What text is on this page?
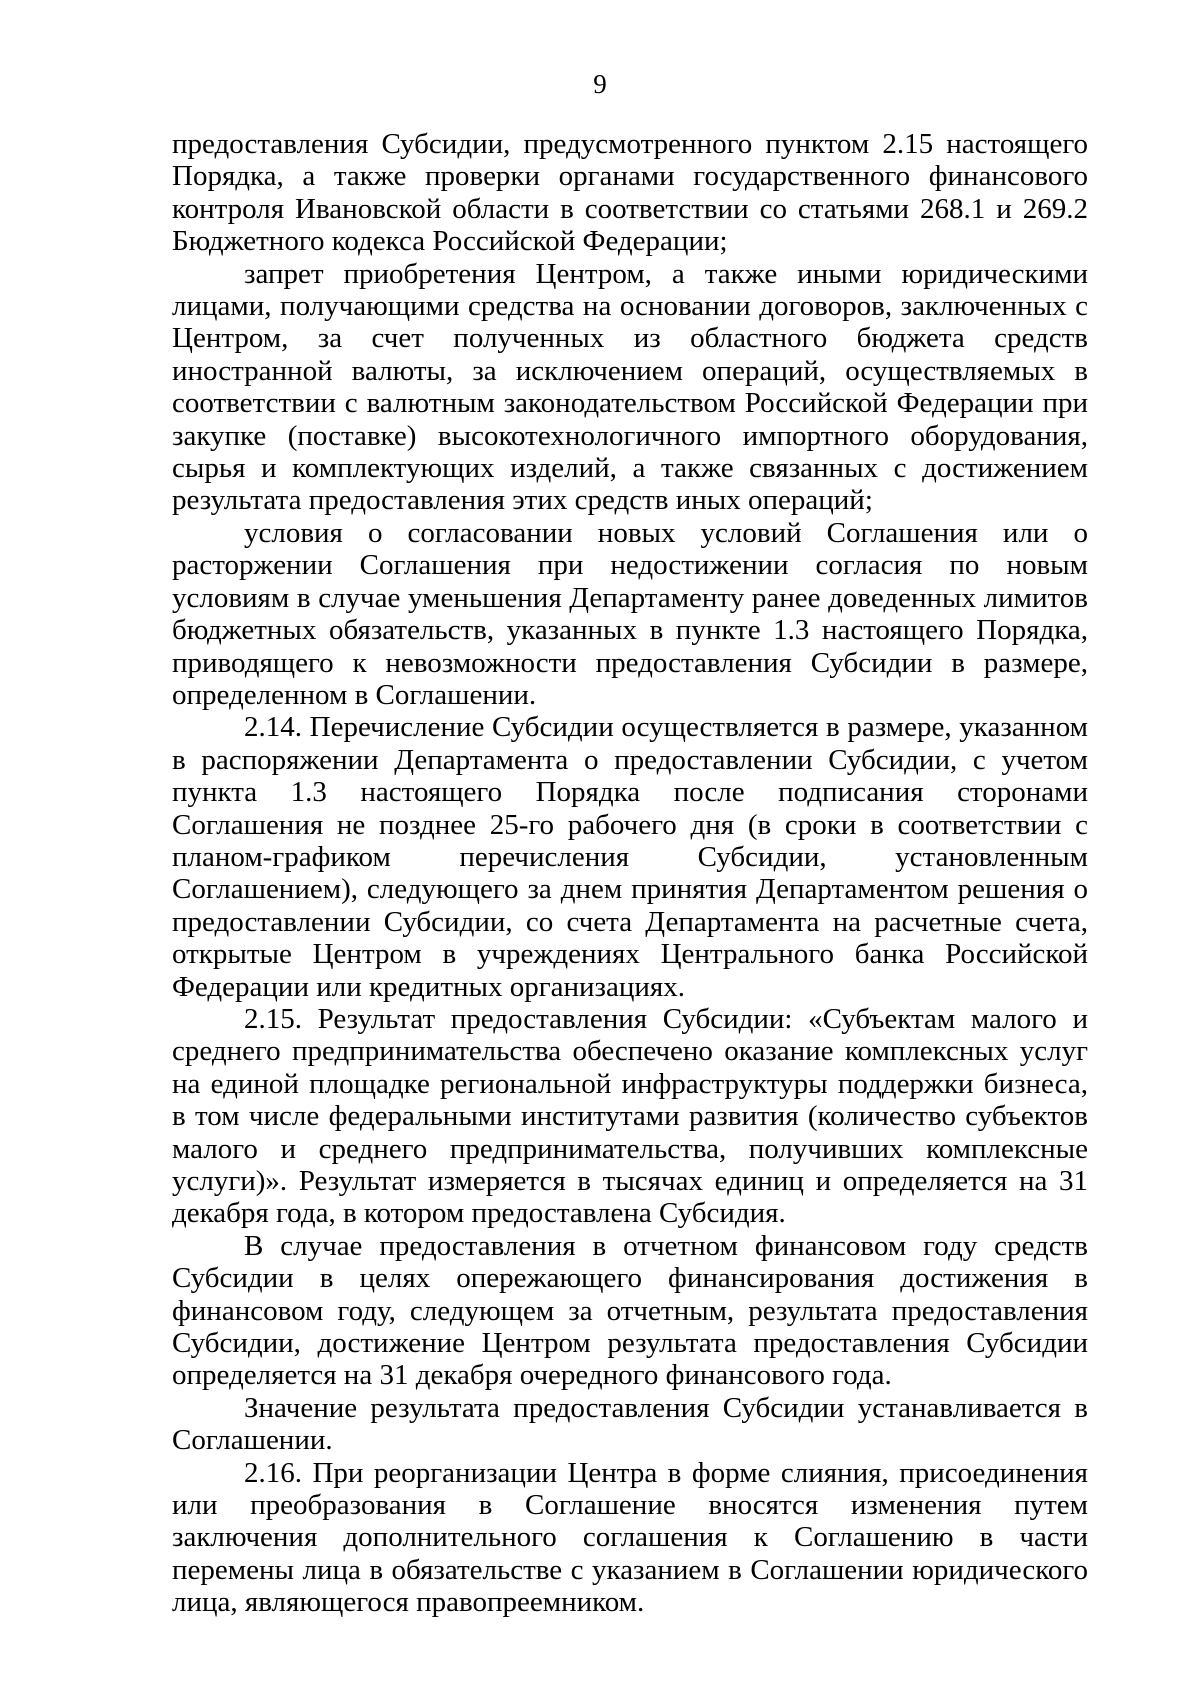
9

предоставления Субсидии, предусмотренного пунктом 2.15 настоящего Порядка, а также проверки органами государственного финансового контроля Ивановской области в соответствии со статьями 268.1 и 269.2 Бюджетного кодекса Российской Федерации;

запрет приобретения Центром, а также иными юридическими лицами, получающими средства на основании договоров, заключенных с Центром, за счет полученных из областного бюджета средств иностранной валюты, за исключением операций, осуществляемых в соответствии с валютным законодательством Российской Федерации при закупке (поставке) высокотехнологичного импортного оборудования, сырья и комплектующих изделий, а также связанных с достижением результата предоставления этих средств иных операций;

условия о согласовании новых условий Соглашения или о расторжении Соглашения при недостижении согласия по новым условиям в случае уменьшения Департаменту ранее доведенных лимитов бюджетных обязательств, указанных в пункте 1.3 настоящего Порядка, приводящего к невозможности предоставления Субсидии в размере, определенном в Соглашении.

2.14. Перечисление Субсидии осуществляется в размере, указанном в распоряжении Департамента о предоставлении Субсидии, с учетом пункта 1.3 настоящего Порядка после подписания сторонами Соглашения не позднее 25-го рабочего дня (в сроки в соответствии с планом-графиком перечисления Субсидии, установленным Соглашением), следующего за днем принятия Департаментом решения о предоставлении Субсидии, со счета Департамента на расчетные счета, открытые Центром в учреждениях Центрального банка Российской Федерации или кредитных организациях.

2.15. Результат предоставления Субсидии: «Субъектам малого и среднего предпринимательства обеспечено оказание комплексных услуг на единой площадке региональной инфраструктуры поддержки бизнеса, в том числе федеральными институтами развития (количество субъектов малого и среднего предпринимательства, получивших комплексные услуги)». Результат измеряется в тысячах единиц и определяется на 31 декабря года, в котором предоставлена Субсидия.

В случае предоставления в отчетном финансовом году средств Субсидии в целях опережающего финансирования достижения в финансовом году, следующем за отчетным, результата предоставления Субсидии, достижение Центром результата предоставления Субсидии определяется на 31 декабря очередного финансового года.

Значение результата предоставления Субсидии устанавливается в Соглашении.

2.16. При реорганизации Центра в форме слияния, присоединения или преобразования в Соглашение вносятся изменения путем заключения дополнительного соглашения к Соглашению в части перемены лица в обязательстве с указанием в Соглашении юридического лица, являющегося правопреемником.
